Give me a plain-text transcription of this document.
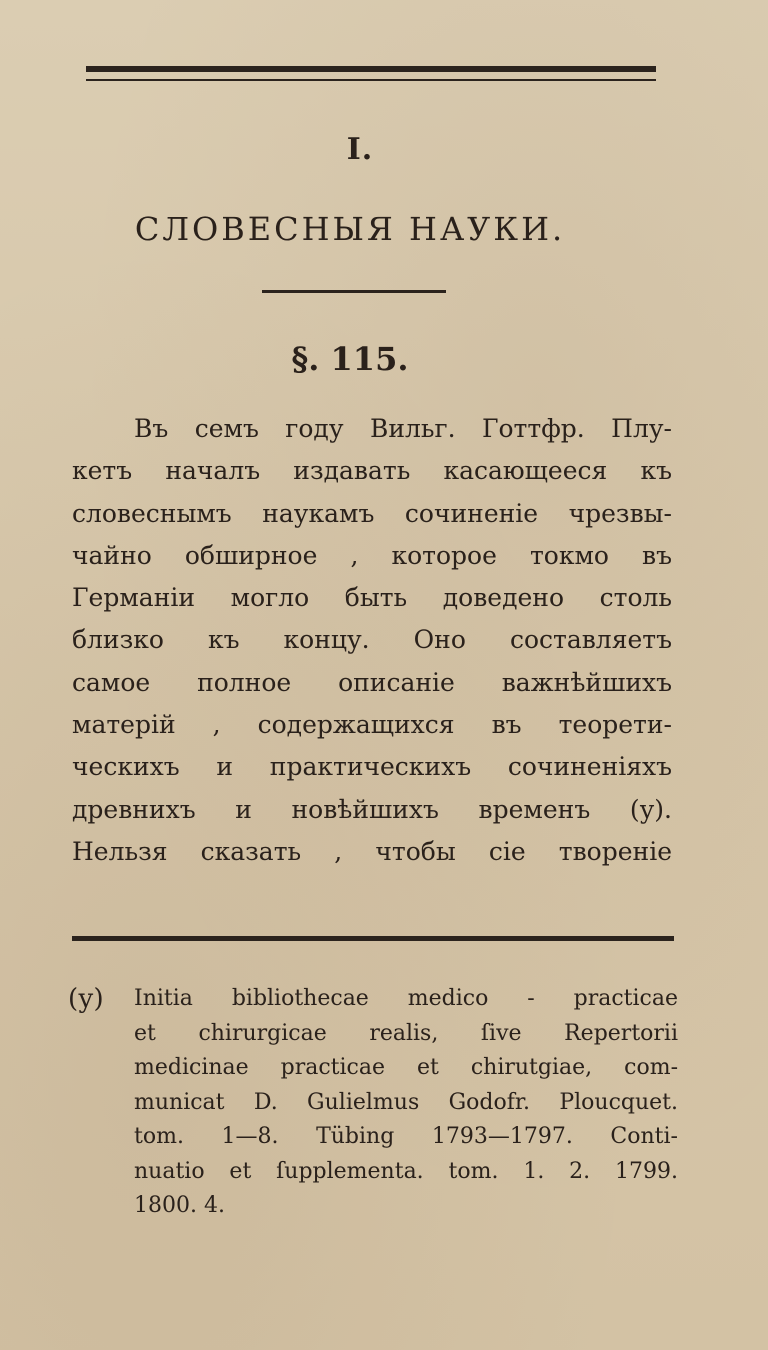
I.
СЛОВЕСНЫЯ НАУКИ.
§. 115.
Въ семъ году Вильг. Готтфр. Плу-
кетъ началъ издавать касающееся къ
словеснымъ наукамъ сочиненіе чрезвы-
чайно обширное , которое токмо въ
Германіи могло быть доведено столь
близко къ концу. Оно составляетъ
самое полное описаніе важнѣйшихъ
матерій , содержащихся въ теорети-
ческихъ и практическихъ сочиненіяхъ
древнихъ и новѣйшихъ временъ (у).
Нельзя сказать , чтобы сіе твореніе
(у) Initia bibliothecae medico - practicae
et chirurgicae realis, ſive Repertorii
medicinae practicae et chirutgiae, com-
municat D. Gulielmus Godofr. Ploucquet.
tom. 1—8. Tübing 1793—1797. Conti-
nuatio et ſupplementa. tom. 1. 2. 1799.
1800. 4.
